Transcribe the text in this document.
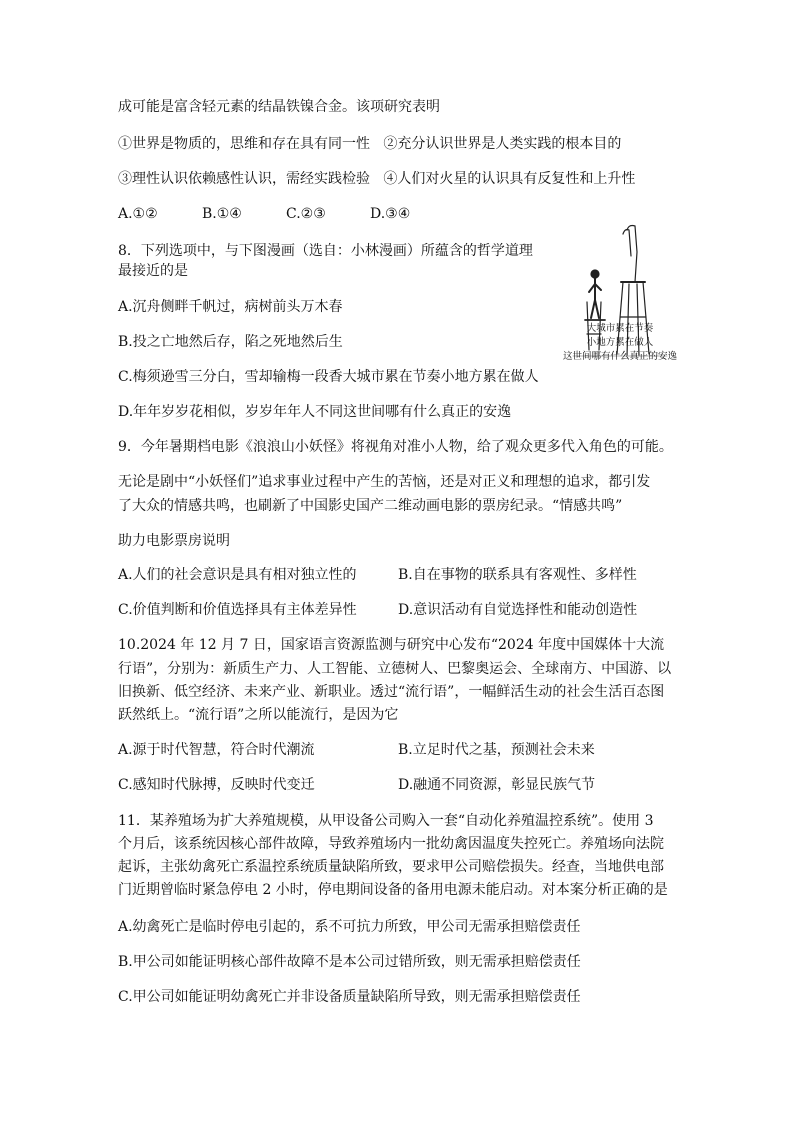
成可能是富含轻元素的结晶铁镍合金。该项研究表明
①世界是物质的，思维和存在具有同一性 ②充分认识世界是人类实践的根本目的
③理性认识依赖感性认识，需经实践检验 ④人们对火星的认识具有反复性和上升性
A.①②	B.①④	C.②③	D.③④
8．下列选项中，与下图漫画（选自：小林漫画）所蕴含的哲学道理
最接近的是
A.沉舟侧畔千帆过，病树前头万木春
B.投之亡地然后存，陷之死地然后生
C.梅须逊雪三分白，雪却输梅一段香大城市累在节奏小地方累在做人
D.年年岁岁花相似，岁岁年年人不同这世间哪有什么真正的安逸
大城市累在节奏
小地方累在做人
这世间哪有什么真正的安逸
9．今年暑期档电影《浪浪山小妖怪》将视角对准小人物，给了观众更多代入角色的可能。
无论是剧中“小妖怪们”追求事业过程中产生的苦恼，还是对正义和理想的追求，都引发
了大众的情感共鸣，也刷新了中国影史国产二维动画电影的票房纪录。“情感共鸣”
助力电影票房说明
A.人们的社会意识是具有相对独立性的	B.自在事物的联系具有客观性、多样性
C.价值判断和价值选择具有主体差异性	D.意识活动有自觉选择性和能动创造性
10.2024 年 12 月 7 日，国家语言资源监测与研究中心发布“2024 年度中国媒体十大流
行语”，分别为：新质生产力、人工智能、立德树人、巴黎奥运会、全球南方、中国游、以
旧换新、低空经济、未来产业、新职业。透过“流行语”，一幅鲜活生动的社会生活百态图
跃然纸上。“流行语”之所以能流行，是因为它
A.源于时代智慧，符合时代潮流	B.立足时代之基，预测社会未来
C.感知时代脉搏，反映时代变迁	D.融通不同资源，彰显民族气节
11．某养殖场为扩大养殖规模，从甲设备公司购入一套“自动化养殖温控系统”。使用 3
个月后，该系统因核心部件故障，导致养殖场内一批幼禽因温度失控死亡。养殖场向法院
起诉，主张幼禽死亡系温控系统质量缺陷所致，要求甲公司赔偿损失。经查，当地供电部
门近期曾临时紧急停电 2 小时，停电期间设备的备用电源未能启动。对本案分析正确的是
A.幼禽死亡是临时停电引起的，系不可抗力所致，甲公司无需承担赔偿责任
B.甲公司如能证明核心部件故障不是本公司过错所致，则无需承担赔偿责任
C.甲公司如能证明幼禽死亡并非设备质量缺陷所导致，则无需承担赔偿责任
